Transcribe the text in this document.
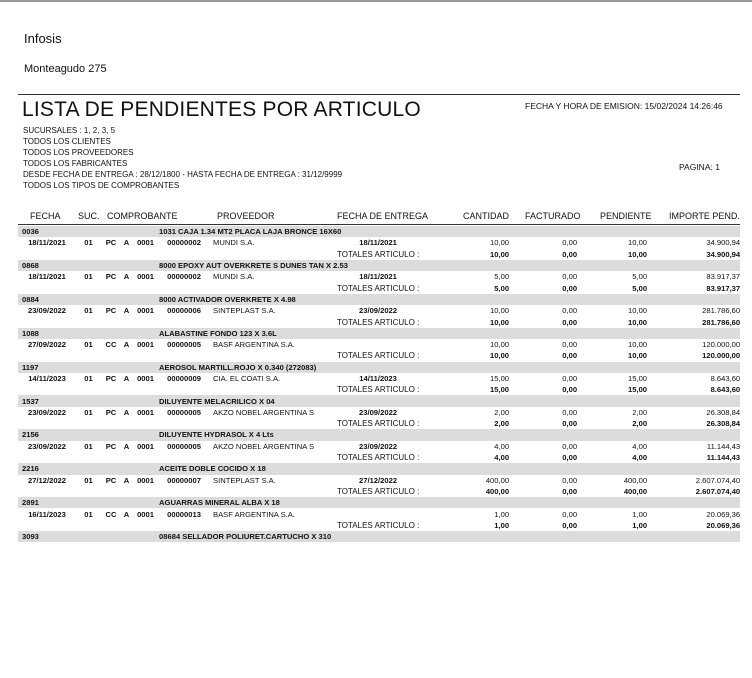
Infosis
Monteagudo 275
LISTA DE PENDIENTES POR ARTICULO	FECHA Y HORA DE EMISION: 15/02/2024 14:26:46
SUCURSALES : 1, 2, 3, 5
TODOS LOS CLIENTES
TODOS LOS PROVEEDORES
TODOS LOS FABRICANTES
DESDE FECHA DE ENTREGA : 28/12/1800 - HASTA FECHA DE ENTREGA : 31/12/9999
TODOS LOS TIPOS DE COMPROBANTES
PAGINA: 1
FECHA SUC. COMPROBANTE	PROVEEDOR	FECHA DE ENTREGA	CANTIDAD FACTURADO PENDIENTE IMPORTE PEND.
0036					1031 CAJA 1.34 MT2 PLACA LAJA BRONCE 16X60						
18/11/2021	01	PC	A	0001	00000002	MUNDI S.A.	18/11/2021	10,00	0,00	10,00	34.900,94
							TOTALES ARTICULO :	10,00	0,00	10,00	34.900,94
0868					8000 EPOXY AUT OVERKRETE S DUNES TAN X 2.53						
18/11/2021	01	PC	A	0001	00000002	MUNDI S.A.	18/11/2021	5,00	0,00	5,00	83.917,37
							TOTALES ARTICULO :	5,00	0,00	5,00	83.917,37
0884					8000 ACTIVADOR OVERKRETE X 4.98						
23/09/2022	01	PC	A	0001	00000006	SINTEPLAST S.A.	23/09/2022	10,00	0,00	10,00	281.786,60
							TOTALES ARTICULO :	10,00	0,00	10,00	281.786,60
1088					ALABASTINE FONDO 123 X 3.6L						
27/09/2022	01	CC	A	0001	00000005	BASF ARGENTINA S.A.		10,00	0,00	10,00	120.000,00
							TOTALES ARTICULO :	10,00	0,00	10,00	120.000,00
1197					AEROSOL MARTILL.ROJO X 0.340 (272083)						
14/11/2023	01	PC	A	0001	00000009	CIA. EL COATI S.A.	14/11/2023	15,00	0,00	15,00	8.643,60
							TOTALES ARTICULO :	15,00	0,00	15,00	8.643,60
1537					DILUYENTE MELACRILICO X 04						
23/09/2022	01	PC	A	0001	00000005	AKZO NOBEL ARGENTINA S	23/09/2022	2,00	0,00	2,00	26.308,84
							TOTALES ARTICULO :	2,00	0,00	2,00	26.308,84
2156					DILUYENTE HYDRASOL X 4 Lts						
23/09/2022	01	PC	A	0001	00000005	AKZO NOBEL ARGENTINA S	23/09/2022	4,00	0,00	4,00	11.144,43
							TOTALES ARTICULO :	4,00	0,00	4,00	11.144,43
2216					ACEITE DOBLE COCIDO X 18						
27/12/2022	01	PC	A	0001	00000007	SINTEPLAST S.A.	27/12/2022	400,00	0,00	400,00	2.607.074,40
							TOTALES ARTICULO :	400,00	0,00	400,00	2.607.074,40
2891					AGUARRAS MINERAL ALBA X 18						
16/11/2023	01	CC	A	0001	00000013	BASF ARGENTINA S.A.		1,00	0,00	1,00	20.069,36
							TOTALES ARTICULO :	1,00	0,00	1,00	20.069,36
3093					08684 SELLADOR POLIURET.CARTUCHO X 310						
